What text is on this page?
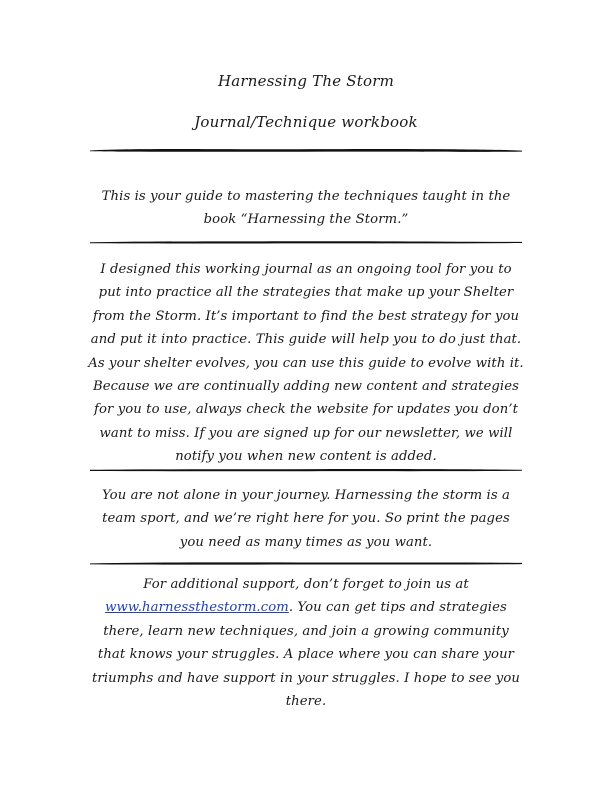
Harnessing The Storm
Journal/Technique workbook
This is your guide to mastering the techniques taught in the book “Harnessing the Storm.”
I designed this working journal as an ongoing tool for you to put into practice all the strategies that make up your Shelter from the Storm. It’s important to find the best strategy for you and put it into practice. This guide will help you to do just that. As your shelter evolves, you can use this guide to evolve with it. Because we are continually adding new content and strategies for you to use, always check the website for updates you don’t want to miss. If you are signed up for our newsletter, we will notify you when new content is added.
You are not alone in your journey. Harnessing the storm is a team sport, and we’re right here for you. So print the pages you need as many times as you want.
For additional support, don’t forget to join us at www.harnessthestorm.com. You can get tips and strategies there, learn new techniques, and join a growing community that knows your struggles. A place where you can share your triumphs and have support in your struggles. I hope to see you there.
